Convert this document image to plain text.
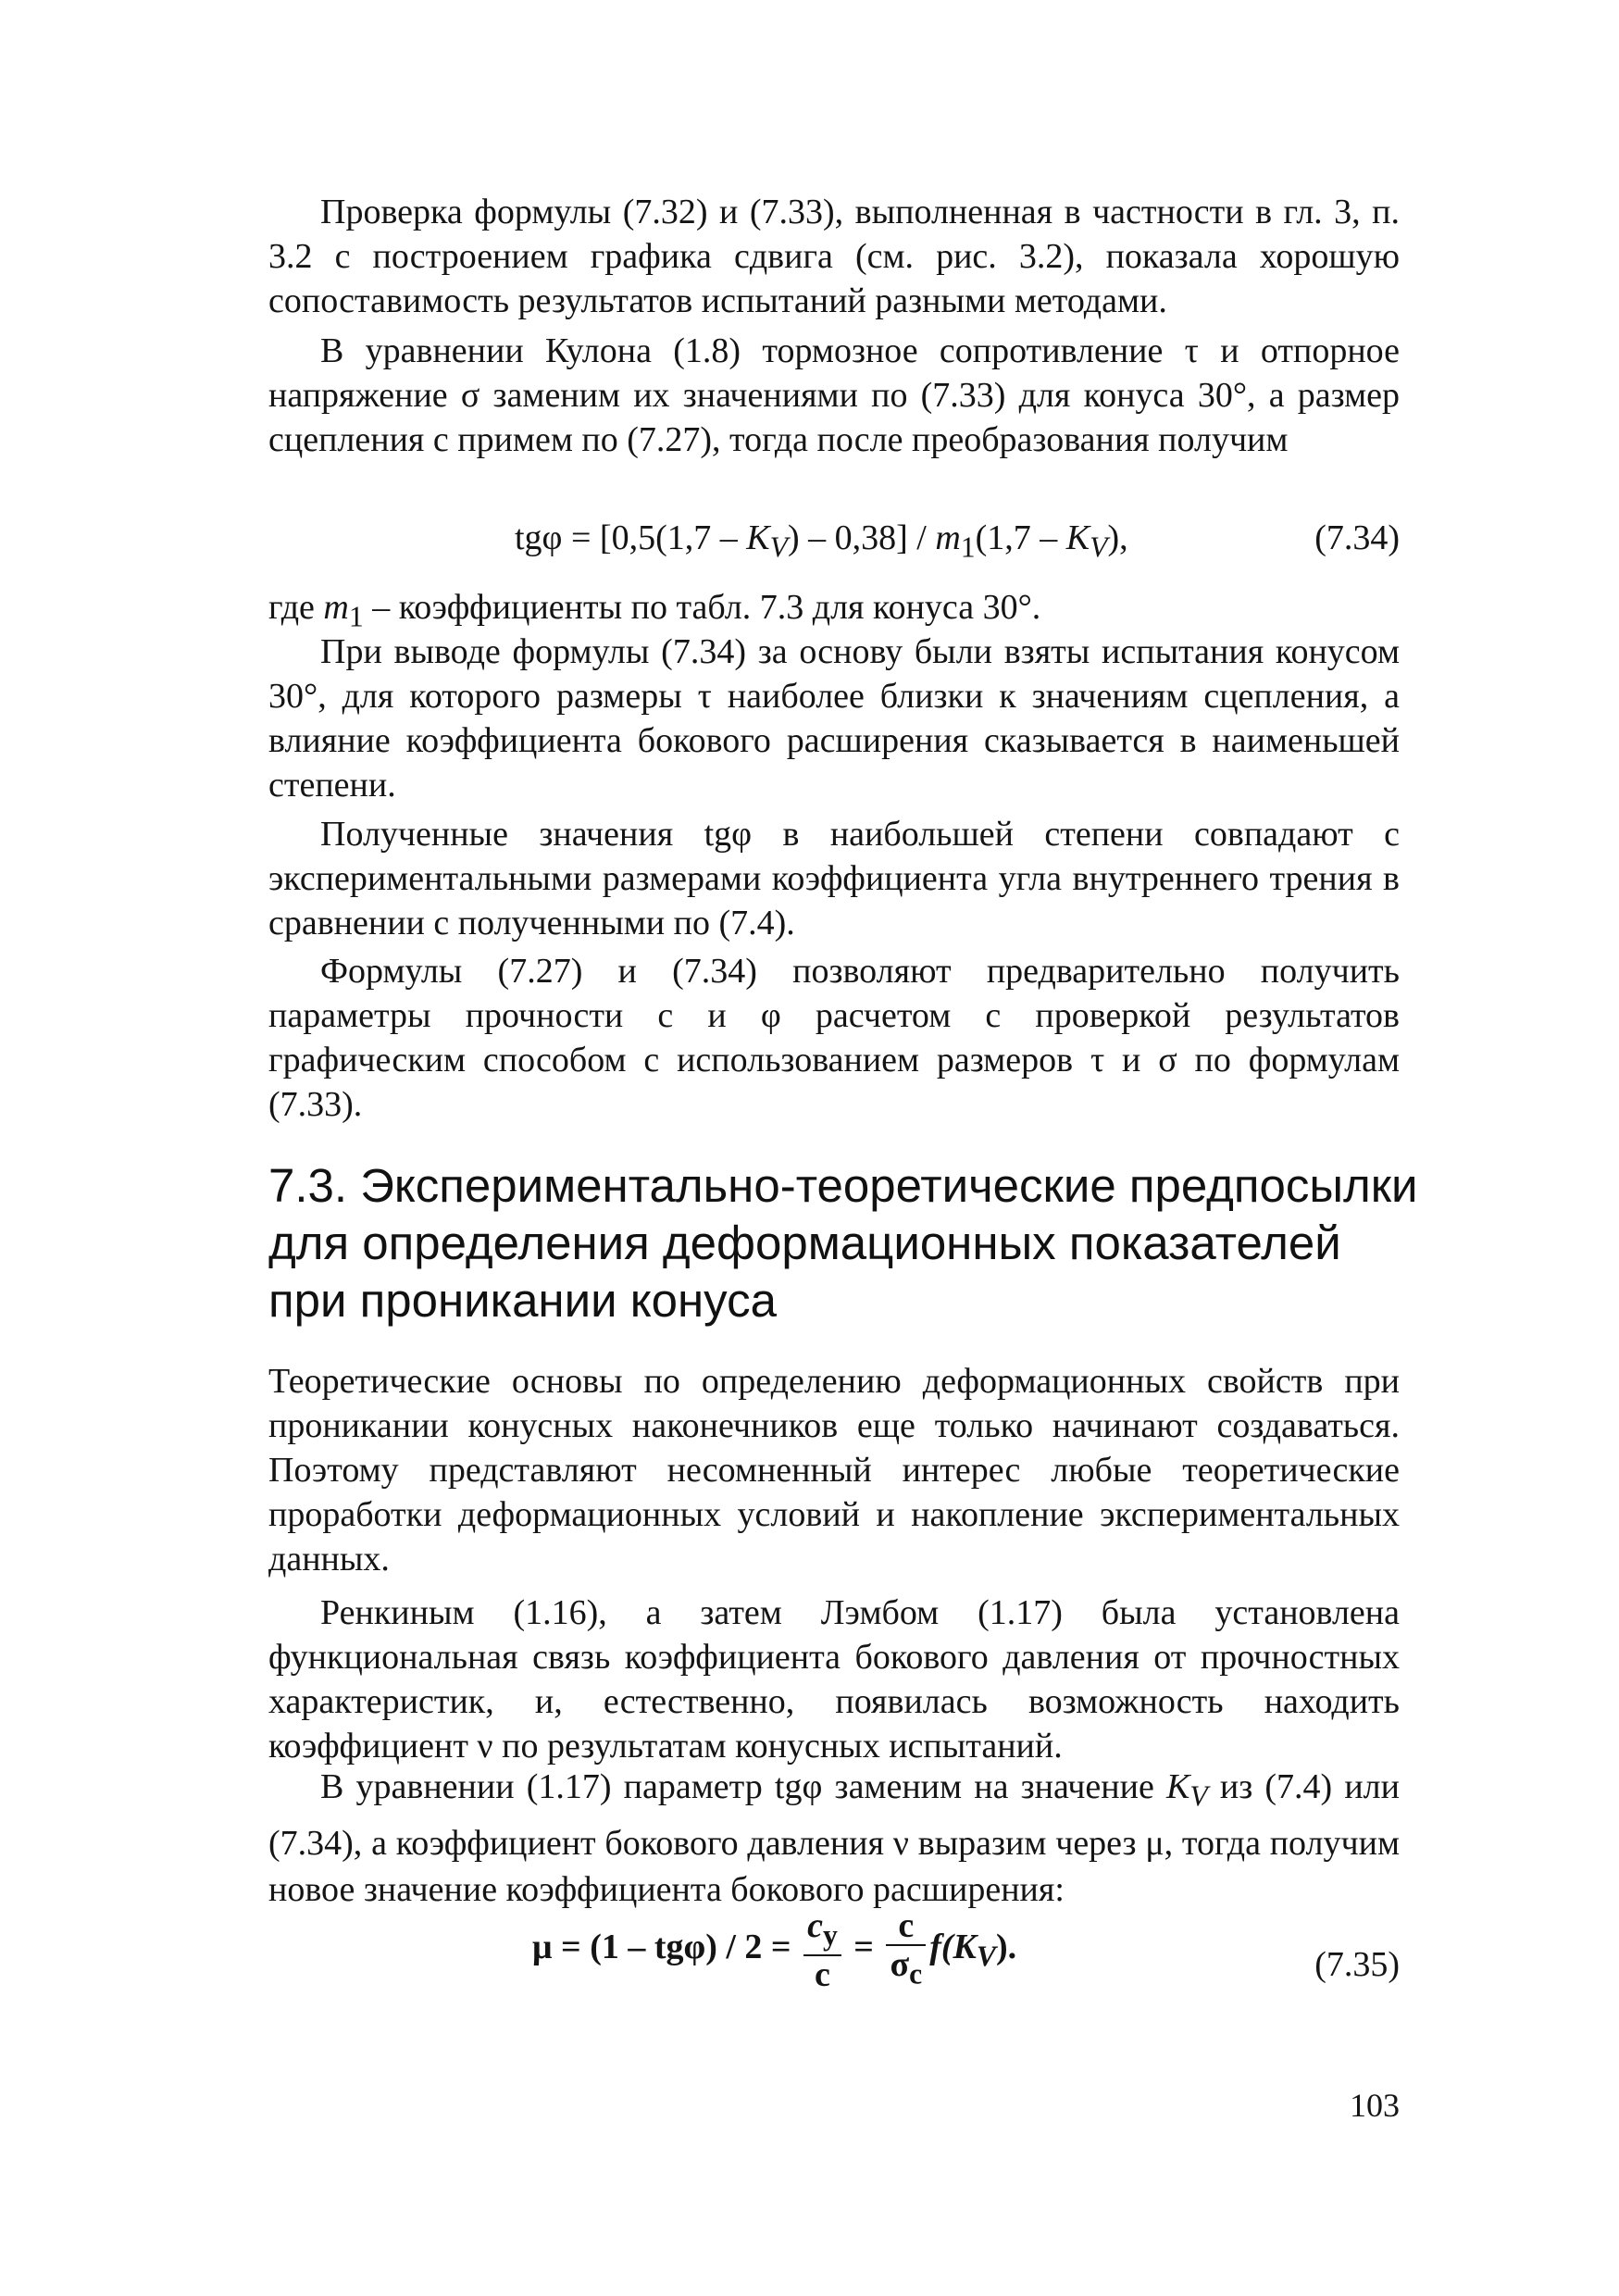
Проверка формулы (7.32) и (7.33), выполненная в частности в гл. 3, п. 3.2 с построением графика сдвига (см. рис. 3.2), показала хорошую сопоставимость результатов испытаний разными методами.

В уравнении Кулона (1.8) тормозное сопротивление τ и отпорное напряжение σ заменим их значениями по (7.33) для конуса 30°, а размер сцепления c примем по (7.27), тогда после преобразования получим

$tg\varphi = [0,5(1,7 - K_V) - 0,38] / m_1(1,7 - K_V)$,	(7.34)

где $m_1$ – коэффициенты по табл. 7.3 для конуса 30°.

При выводе формулы (7.34) за основу были взяты испытания конусом 30°, для которого размеры τ наиболее близки к значениям сцепления, а влияние коэффициента бокового расширения сказывается в наименьшей степени.

Полученные значения tgφ в наибольшей степени совпадают с экспериментальными размерами коэффициента угла внутреннего трения в сравнении с полученными по (7.4).

Формулы (7.27) и (7.34) позволяют предварительно получить параметры прочности c и φ расчетом с проверкой результатов графическим способом с использованием размеров τ и σ по формулам (7.33).

7.3. Экспериментально-теоретические предпосылки
для определения деформационных показателей
при проникании конуса

Теоретические основы по определению деформационных свойств при проникании конусных наконечников еще только начинают создаваться. Поэтому представляют несомненный интерес любые теоретические проработки деформационных условий и накопление экспериментальных данных.

Ренкиным (1.16), а затем Лэмбом (1.17) была установлена функциональная связь коэффициента бокового давления от прочностных характеристик, и, естественно, появилась возможность находить коэффициент ν по результатам конусных испытаний.

В уравнении (1.17) параметр tgφ заменим на значение $K_V$ из (7.4) или (7.34), а коэффициент бокового давления ν выразим через μ, тогда получим новое значение коэффициента бокового расширения:

$\mu = (1 - tg\varphi) / 2 = \frac{c_y}{c} = \frac{c}{\sigma_c} f(K_V)$.	(7.35)
103
